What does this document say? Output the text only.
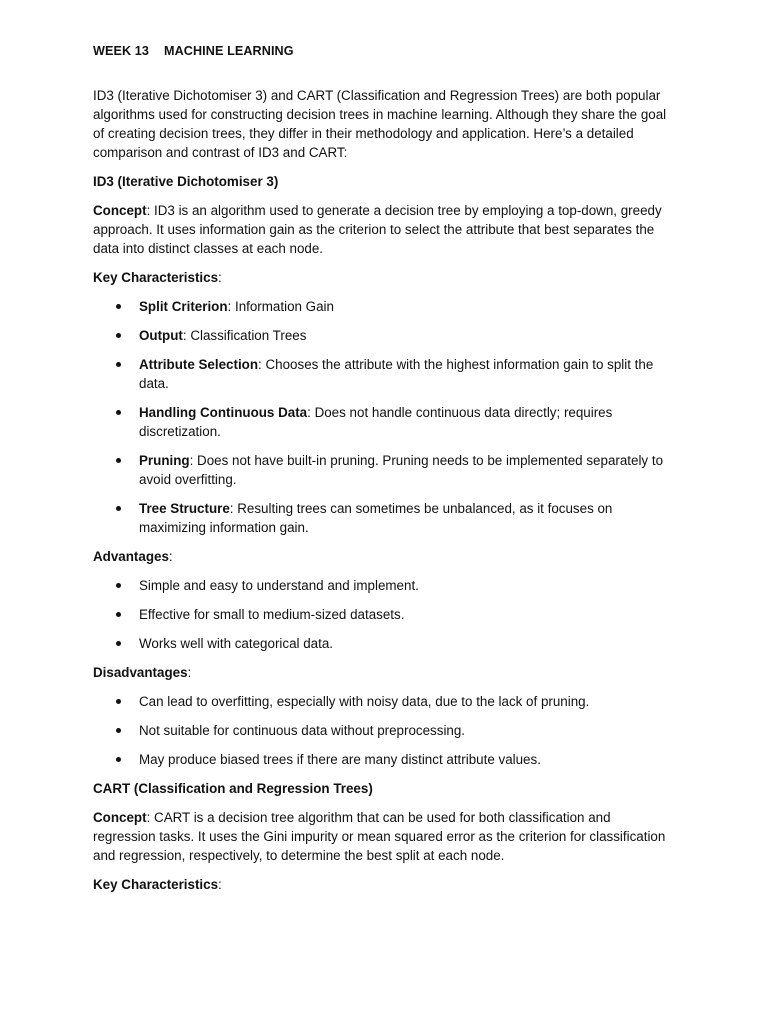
WEEK 13	MACHINE LEARNING

ID3 (Iterative Dichotomiser 3) and CART (Classification and Regression Trees) are both popular algorithms used for constructing decision trees in machine learning. Although they share the goal of creating decision trees, they differ in their methodology and application. Here’s a detailed comparison and contrast of ID3 and CART:

ID3 (Iterative Dichotomiser 3)

Concept: ID3 is an algorithm used to generate a decision tree by employing a top-down, greedy approach. It uses information gain as the criterion to select the attribute that best separates the data into distinct classes at each node.

Key Characteristics:

Split Criterion: Information Gain
Output: Classification Trees
Attribute Selection: Chooses the attribute with the highest information gain to split the data.
Handling Continuous Data: Does not handle continuous data directly; requires discretization.
Pruning: Does not have built-in pruning. Pruning needs to be implemented separately to avoid overfitting.
Tree Structure: Resulting trees can sometimes be unbalanced, as it focuses on maximizing information gain.

Advantages:

Simple and easy to understand and implement.
Effective for small to medium-sized datasets.
Works well with categorical data.

Disadvantages:

Can lead to overfitting, especially with noisy data, due to the lack of pruning.
Not suitable for continuous data without preprocessing.
May produce biased trees if there are many distinct attribute values.

CART (Classification and Regression Trees)

Concept: CART is a decision tree algorithm that can be used for both classification and regression tasks. It uses the Gini impurity or mean squared error as the criterion for classification and regression, respectively, to determine the best split at each node.

Key Characteristics:
